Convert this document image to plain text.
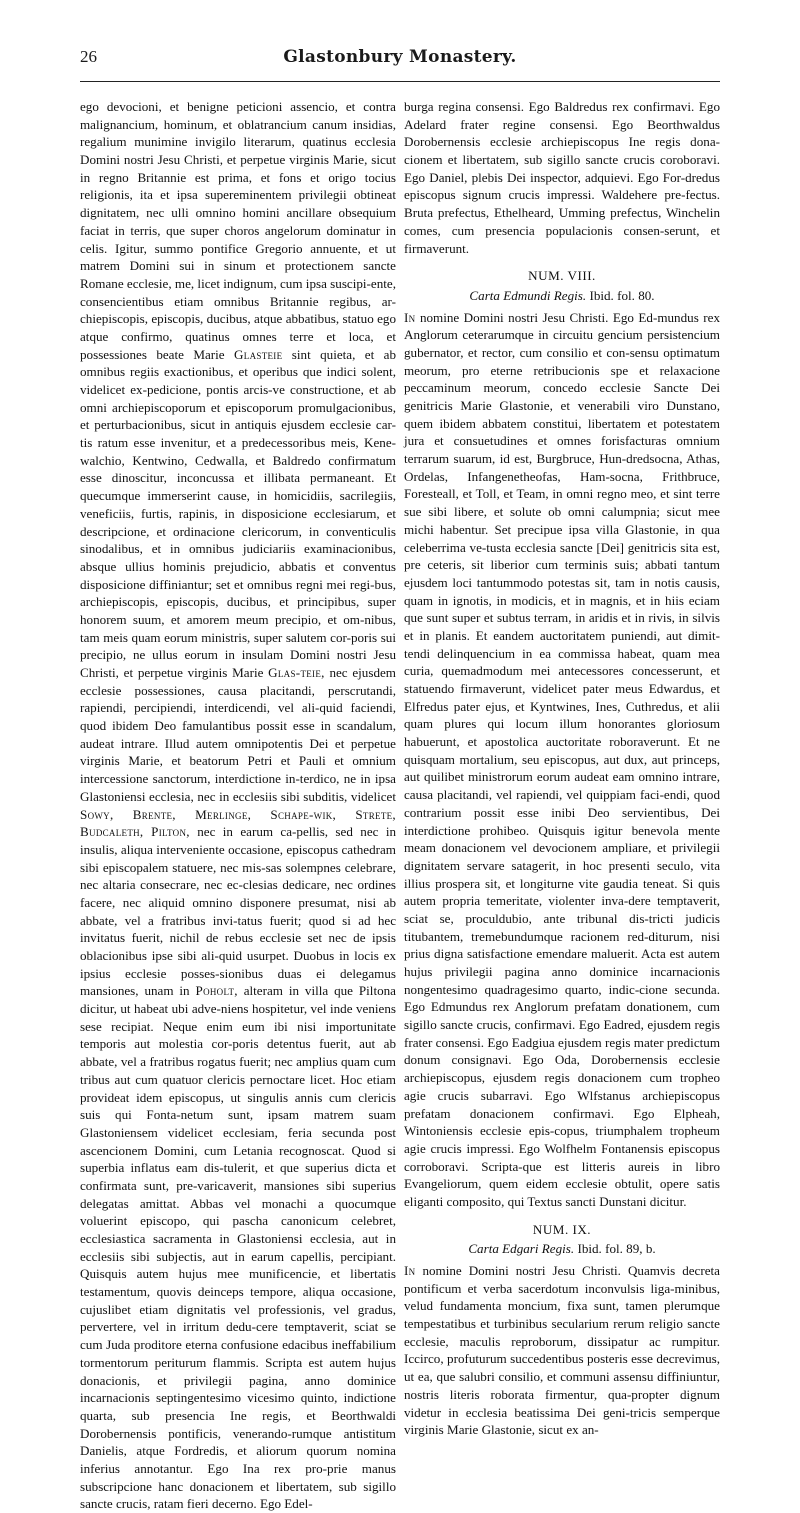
26	Glastonbury Monastery.

ego devocioni, et benigne peticioni assencio, et contra malignancium, hominum, et oblatrancium canum insidias, regalium munimine invigilo literarum, quatinus ecclesia Domini nostri Jesu Christi, et perpetue virginis Marie, sicut in regno Britannie est prima, et fons et origo tocius religionis, ita et ipsa supereminentem privilegii obtineat dignitatem, nec ulli omnino homini ancillare obsequium faciat in terris, que super choros angelorum dominatur in celis. Igitur, summo pontifice Gregorio annuente, et ut matrem Domini sui in sinum et protectionem sancte Romane ecclesie, me, licet indignum, cum ipsa suscipi-ente, consencientibus etiam omnibus Britannie regibus, ar-chiepiscopis, episcopis, ducibus, atque abbatibus, statuo ego atque confirmo, quatinus omnes terre et loca, et possessiones beate Marie Glasteie sint quieta, et ab omnibus regiis exactionibus, et operibus que indici solent, videlicet ex-pedicione, pontis arcis-ve constructione, et ab omni archiepiscoporum et episcoporum promulgacionibus, et perturbacionibus, sicut in antiquis ejusdem ecclesie car-tis ratum esse invenitur, et a predecessoribus meis, Kene-walchio, Kentwino, Cedwalla, et Baldredo confirmatum esse dinoscitur, inconcussa et illibata permaneant. Et quecumque immerserint cause, in homicidiis, sacrilegiis, veneficiis, furtis, rapinis, in disposicione ecclesiarum, et descripcione, et ordinacione clericorum, in conventiculis sinodalibus, et in omnibus judiciariis examinacionibus, absque ullius hominis prejudicio, abbatis et conventus disposicione diffiniantur; set et omnibus regni mei regi-bus, archiepiscopis, episcopis, ducibus, et principibus, super honorem suum, et amorem meum precipio, et om-nibus, tam meis quam eorum ministris, super salutem cor-poris sui precipio, ne ullus eorum in insulam Domini nostri Jesu Christi, et perpetue virginis Marie Glas-teie, nec ejusdem ecclesie possessiones, causa placitandi, perscrutandi, rapiendi, percipiendi, interdicendi, vel ali-quid faciendi, quod ibidem Deo famulantibus possit esse in scandalum, audeat intrare. Illud autem omnipotentis Dei et perpetue virginis Marie, et beatorum Petri et Pauli et omnium intercessione sanctorum, interdictione in-terdico, ne in ipsa Glastoniensi ecclesia, nec in ecclesiis sibi subditis, videlicet Sowy, Brente, Merlinge, Schape-wik, Strete, Budcaleth, Pilton, nec in earum ca-pellis, sed nec in insulis, aliqua interveniente occasione, episcopus cathedram sibi episcopalem statuere, nec mis-sas solempnes celebrare, nec altaria consecrare, nec ec-clesias dedicare, nec ordines facere, nec aliquid omnino disponere presumat, nisi ab abbate, vel a fratribus invi-tatus fuerit; quod si ad hec invitatus fuerit, nichil de rebus ecclesie set nec de ipsis oblacionibus ipse sibi ali-quid usurpet. Duobus in locis ex ipsius ecclesie posses-sionibus duas ei delegamus mansiones, unam in Poholt, alteram in villa que Piltona dicitur, ut habeat ubi adve-niens hospitetur, vel inde veniens sese recipiat. Neque enim eum ibi nisi importunitate temporis aut molestia cor-poris detentus fuerit, aut ab abbate, vel a fratribus rogatus fuerit; nec amplius quam cum tribus aut cum quatuor clericis pernoctare licet. Hoc etiam provideat idem episcopus, ut singulis annis cum clericis suis qui Fonta-netum sunt, ipsam matrem suam Glastoniensem videlicet ecclesiam, feria secunda post ascencionem Domini, cum Letania recognoscat. Quod si superbia inflatus eam dis-tulerit, et que superius dicta et confirmata sunt, pre-varicaverit, mansiones sibi superius delegatas amittat. Abbas vel monachi a quocumque voluerint episcopo, qui pascha canonicum celebret, ecclesiastica sacramenta in Glastoniensi ecclesia, aut in ecclesiis sibi subjectis, aut in earum capellis, percipiant. Quisquis autem hujus mee munificencie, et libertatis testamentum, quovis deinceps tempore, aliqua occasione, cujuslibet etiam dignitatis vel professionis, vel gradus, pervertere, vel in irritum dedu-cere temptaverit, sciat se cum Juda proditore eterna confusione edacibus ineffabilium tormentorum periturum flammis. Scripta est autem hujus donacionis, et privilegii pagina, anno dominice incarnacionis septingentesimo vicesimo quinto, indictione quarta, sub presencia Ine regis, et Beorthwaldi Dorobernensis pontificis, venerando-rumque antistitum Danielis, atque Fordredis, et aliorum quorum nomina inferius annotantur. Ego Ina rex pro-prie manus subscripcione hanc donacionem et libertatem, sub sigillo sancte crucis, ratam fieri decerno. Ego Edel-

burga regina consensi. Ego Baldredus rex confirmavi. Ego Adelard frater regine consensi. Ego Beorthwaldus Dorobernensis ecclesie archiepiscopus Ine regis dona-cionem et libertatem, sub sigillo sancte crucis coroboravi. Ego Daniel, plebis Dei inspector, adquievi. Ego For-dredus episcopus signum crucis impressi. Waldehere pre-fectus. Bruta prefectus, Ethelheard, Umming prefectus, Winchelin comes, cum presencia populacionis consen-serunt, et firmaverunt.

NUM. VIII.

Carta Edmundi Regis. Ibid. fol. 80.

In nomine Domini nostri Jesu Christi. Ego Ed-mundus rex Anglorum ceterarumque in circuitu gencium persistencium gubernator, et rector, cum consilio et con-sensu optimatum meorum, pro eterne retribucionis spe et relaxacione peccaminum meorum, concedo ecclesie Sancte Dei genitricis Marie Glastonie, et venerabili viro Dunstano, quem ibidem abbatem constitui, libertatem et potestatem jura et consuetudines et omnes forisfacturas omnium terrarum suarum, id est, Burgbruce, Hun-dredsocna, Athas, Ordelas, Infangenetheofas, Ham-socna, Frithbruce, Foresteall, et Toll, et Team, in omni regno meo, et sint terre sue sibi libere, et solute ob omni calumpnia; sicut mee michi habentur. Set precipue ipsa villa Glastonie, in qua celeberrima ve-tusta ecclesia sancte [Dei] genitricis sita est, pre ceteris, sit liberior cum terminis suis; abbati tantum ejusdem loci tantummodo potestas sit, tam in notis causis, quam in ignotis, in modicis, et in magnis, et in hiis eciam que sunt super et subtus terram, in aridis et in rivis, in silvis et in planis. Et eandem auctoritatem puniendi, aut dimit-tendi delinquencium in ea commissa habeat, quam mea curia, quemadmodum mei antecessores concesserunt, et statuendo firmaverunt, videlicet pater meus Edwardus, et Elfredus pater ejus, et Kyntwines, Ines, Cuthredus, et alii quam plures qui locum illum honorantes gloriosum habuerunt, et apostolica auctoritate roboraverunt. Et ne quisquam mortalium, seu episcopus, aut dux, aut princeps, aut quilibet ministrorum eorum audeat eam omnino intrare, causa placitandi, vel rapiendi, vel quippiam faci-endi, quod contrarium possit esse inibi Deo servientibus, Dei interdictione prohibeo. Quisquis igitur benevola mente meam donacionem vel devocionem ampliare, et privilegii dignitatem servare satagerit, in hoc presenti seculo, vita illius prospera sit, et longiturne vite gaudia teneat. Si quis autem propria temeritate, violenter inva-dere temptaverit, sciat se, proculdubio, ante tribunal dis-tricti judicis titubantem, tremebundumque racionem red-diturum, nisi prius digna satisfactione emendare maluerit. Acta est autem hujus privilegii pagina anno dominice incarnacionis nongentesimo quadragesimo quarto, indic-cione secunda. Ego Edmundus rex Anglorum prefatam donationem, cum sigillo sancte crucis, confirmavi. Ego Eadred, ejusdem regis frater consensi. Ego Eadgiua ejusdem regis mater predictum donum consignavi. Ego Oda, Dorobernensis ecclesie archiepiscopus, ejusdem regis donacionem cum tropheo agie crucis subarravi. Ego Wlfstanus archiepiscopus prefatam donacionem confirmavi. Ego Elpheah, Wintoniensis ecclesie epis-copus, triumphalem tropheum agie crucis impressi. Ego Wolfhelm Fontanensis episcopus corroboravi. Scripta-que est litteris aureis in libro Evangeliorum, quem eidem ecclesie obtulit, opere satis eliganti composito, qui Textus sancti Dunstani dicitur.

NUM. IX.

Carta Edgari Regis. Ibid. fol. 89, b.

In nomine Domini nostri Jesu Christi. Quamvis decreta pontificum et verba sacerdotum inconvulsis liga-minibus, velud fundamenta moncium, fixa sunt, tamen plerumque tempestatibus et turbinibus secularium rerum religio sancte ecclesie, maculis reproborum, dissipatur ac rumpitur. Iccirco, profuturum succedentibus posteris esse decrevimus, ut ea, que salubri consilio, et communi assensu diffiniuntur, nostris literis roborata firmentur, qua-propter dignum videtur in ecclesia beatissima Dei geni-tricis semperque virginis Marie Glastonie, sicut ex an-
